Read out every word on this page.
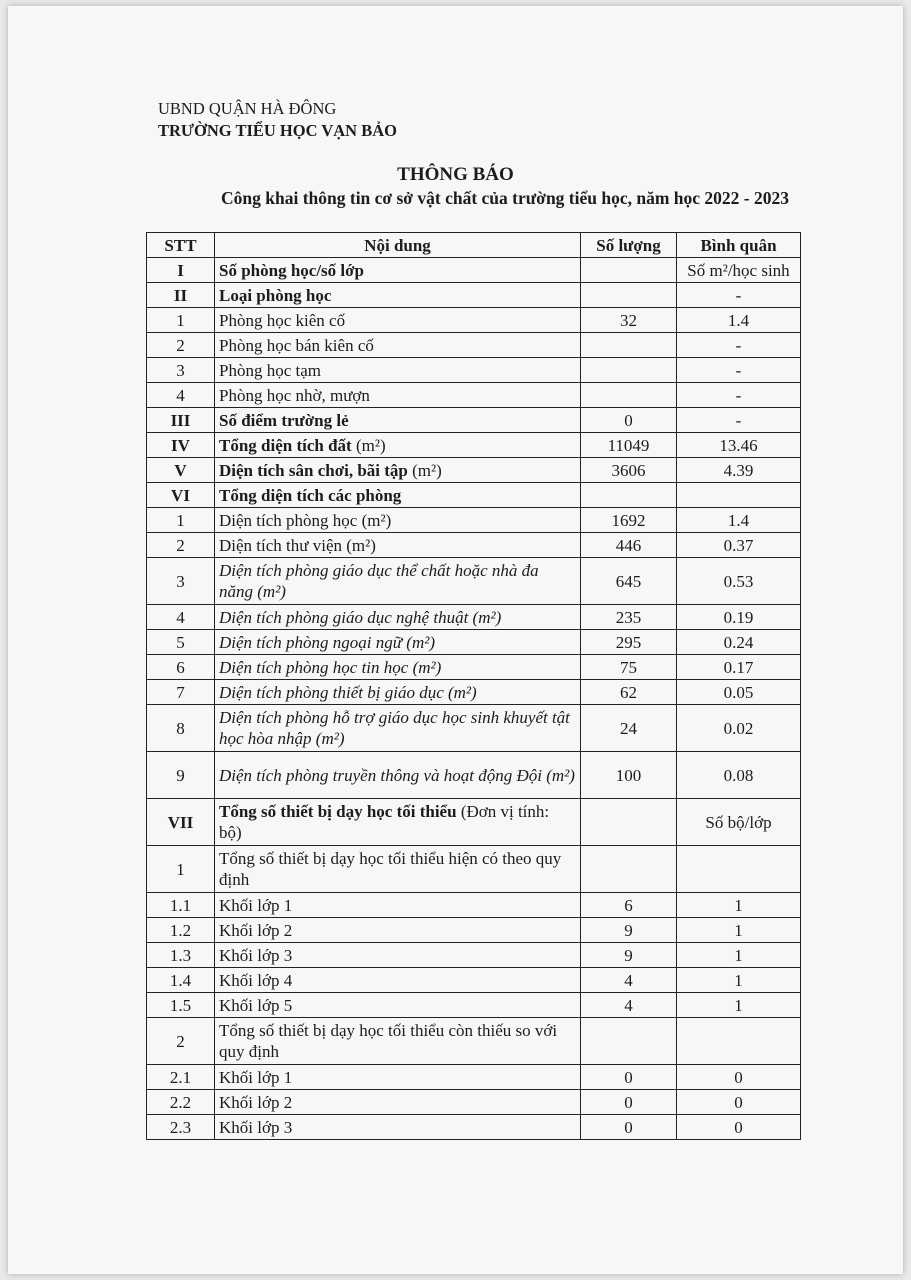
UBND QUẬN HÀ ĐÔNG
TRƯỜNG TIỂU HỌC VẠN BẢO
THÔNG BÁO
Công khai thông tin cơ sở vật chất của trường tiểu học, năm học 2022 - 2023
STT	Nội dung	Số lượng	Bình quân
I	Số phòng học/số lớp		Số m²/học sinh
II	Loại phòng học		-
1	Phòng học kiên cố	32	1.4
2	Phòng học bán kiên cố		-
3	Phòng học tạm		-
4	Phòng học nhờ, mượn		-
III	Số điểm trường lẻ	0	-
IV	Tổng diện tích đất (m²)	11049	13.46
V	Diện tích sân chơi, bãi tập (m²)	3606	4.39
VI	Tổng diện tích các phòng		
1	Diện tích phòng học (m²)	1692	1.4
2	Diện tích thư viện (m²)	446	0.37
3	Diện tích phòng giáo dục thể chất hoặc nhà đa năng (m²)	645	0.53
4	Diện tích phòng giáo dục nghệ thuật (m²)	235	0.19
5	Diện tích phòng ngoại ngữ (m²)	295	0.24
6	Diện tích phòng học tin học (m²)	75	0.17
7	Diện tích phòng thiết bị giáo dục (m²)	62	0.05
8	Diện tích phòng hỗ trợ giáo dục học sinh khuyết tật học hòa nhập (m²)	24	0.02
9	Diện tích phòng truyền thông và hoạt động Đội (m²)	100	0.08
VII	Tổng số thiết bị dạy học tối thiểu (Đơn vị tính: bộ)		Số bộ/lớp
1	Tổng số thiết bị dạy học tối thiểu hiện có theo quy định		
1.1	Khối lớp 1	6	1
1.2	Khối lớp 2	9	1
1.3	Khối lớp 3	9	1
1.4	Khối lớp 4	4	1
1.5	Khối lớp 5	4	1
2	Tổng số thiết bị dạy học tối thiểu còn thiếu so với quy định		
2.1	Khối lớp 1	0	0
2.2	Khối lớp 2	0	0
2.3	Khối lớp 3	0	0
